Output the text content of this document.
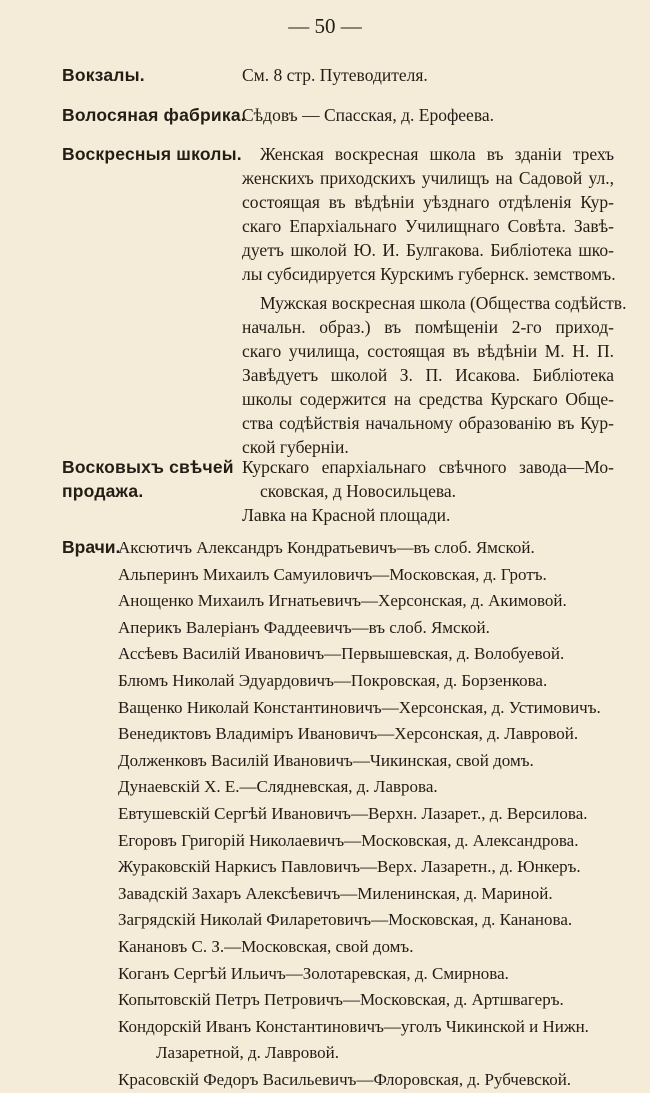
— 50 —
Вокзалы.	См. 8 стр. Путеводителя.
Волосяная фабрика.
Сѣдовъ — Спасская, д. Ерофеева.
Воскресныя школы.	Женская воскресная школа въ зданіи трехъ
женскихъ приходскихъ училищъ на Садовой ул.,
состоящая въ вѣдѣніи уѣзднаго отдѣленія Кур-
скаго Епархіальнаго Училищнаго Совѣта. Завѣ-
дуетъ школой Ю. И. Булгакова. Библіотека шко-
лы субсидируется Курскимъ губернск. земствомъ.
Мужская воскресная школа (Общества содѣйств.
начальн. образ.) въ помѣщеніи 2-го приход-
скаго училища, состоящая въ вѣдѣніи М. Н. П.
Завѣдуетъ школой З. П. Исакова. Библіотека
школы содержится на средства Курскаго Обще-
ства содѣйствія начальному образованію въ Кур-
ской губерніи.
Восковыхъ свѣчей
продажа.
Курскаго епархіальнаго свѣчного завода—Мо-
сковская, д Новосильцева.
Лавка на Красной площади.
Врачи.
Аксютичъ Александръ Кондратьевичъ—въ слоб. Ямской.
Альперинъ Михаилъ Самуиловичъ—Московская, д. Гротъ.
Анощенко Михаилъ Игнатьевичъ—Херсонская, д. Акимовой.
Аперикъ Валеріанъ Фаддеевичъ—въ слоб. Ямской.
Ассѣевъ Василій Ивановичъ—Первышевская, д. Волобуевой.
Блюмъ Николай Эдуардовичъ—Покровская, д. Борзенкова.
Ващенко Николай Константиновичъ—Херсонская, д. Устимовичъ.
Венедиктовъ Владиміръ Ивановичъ—Херсонская, д. Лавровой.
Долженковъ Василій Ивановичъ—Чикинская, свой домъ.
Дунаевскій Х. Е.—Слядневская, д. Лаврова.
Евтушевскій Сергѣй Ивановичъ—Верхн. Лазарет., д. Версилова.
Егоровъ Григорій Николаевичъ—Московская, д. Александрова.
Жураковскій Наркисъ Павловичъ—Верх. Лазаретн., д. Юнкеръ.
Завадскій Захаръ Алексѣевичъ—Миленинская, д. Мариной.
Загрядскій Николай Филаретовичъ—Московская, д. Кананова.
Канановъ С. З.—Московская, свой домъ.
Коганъ Сергѣй Ильичъ—Золотаревская, д. Смирнова.
Копытовскій Петръ Петровичъ—Московская, д. Артшвагеръ.
Кондорскій Иванъ Константиновичъ—уголъ Чикинской и Нижн.
Лазаретной, д. Лавровой.
Красовскій Федоръ Васильевичъ—Флоровская, д. Рубчевской.
